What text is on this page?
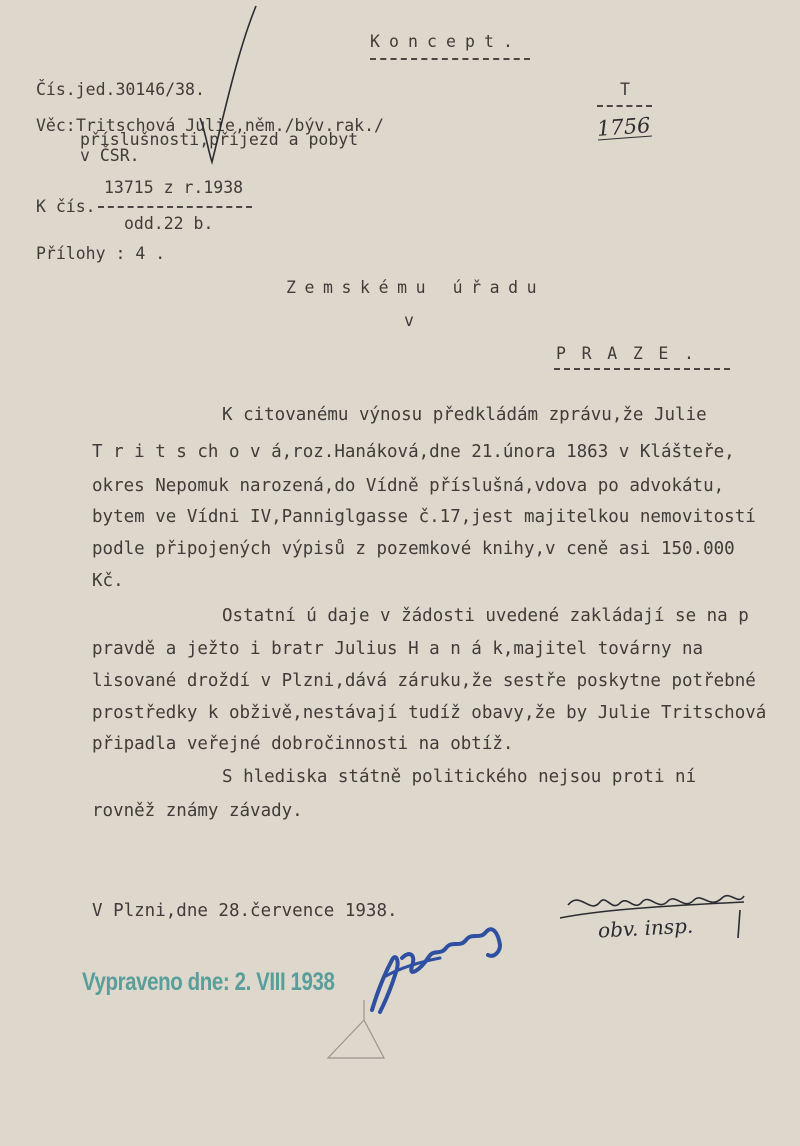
Koncept.
Čís.jed.30146/38.	T
1756
Věc: Tritschová Julie,něm./býv.rak./
příslušnosti,příjezd a pobyt
v ČSR.
13715 z r.1938
K čís.
odd.22 b.
Přílohy : 4 .
Zemskému úřadu
v
PRAZE.
K citovanému výnosu předkládám zprávu,že Julie
T r i t s ch o v á,roz.Hanáková,dne 21.února 1863 v Klášteře,
okres Nepomuk narozená,do Vídně příslušná,vdova po advokátu,
bytem ve Vídni IV,Panniglgasse č.17,jest majitelkou nemovitostí
podle připojených výpisů z pozemkové knihy,v ceně asi 150.000
Kč.
Ostatní ú daje v žádosti uvedené zakládají se na p
pravdě a ježto i bratr Julius H a n á k,majitel továrny na
lisované droždí v Plzni,dává záruku,že sestře poskytne potřebné
prostředky k obživě,nestávají tudíž obavy,že by Julie Tritschová
připadla veřejné dobročinnosti na obtíž.
S hlediska státně politického nejsou proti ní
rovněž známy závady.
V Plzni,dne 28.července 1938.
obv. insp.
Vypraveno dne: 2. VIII 1938
